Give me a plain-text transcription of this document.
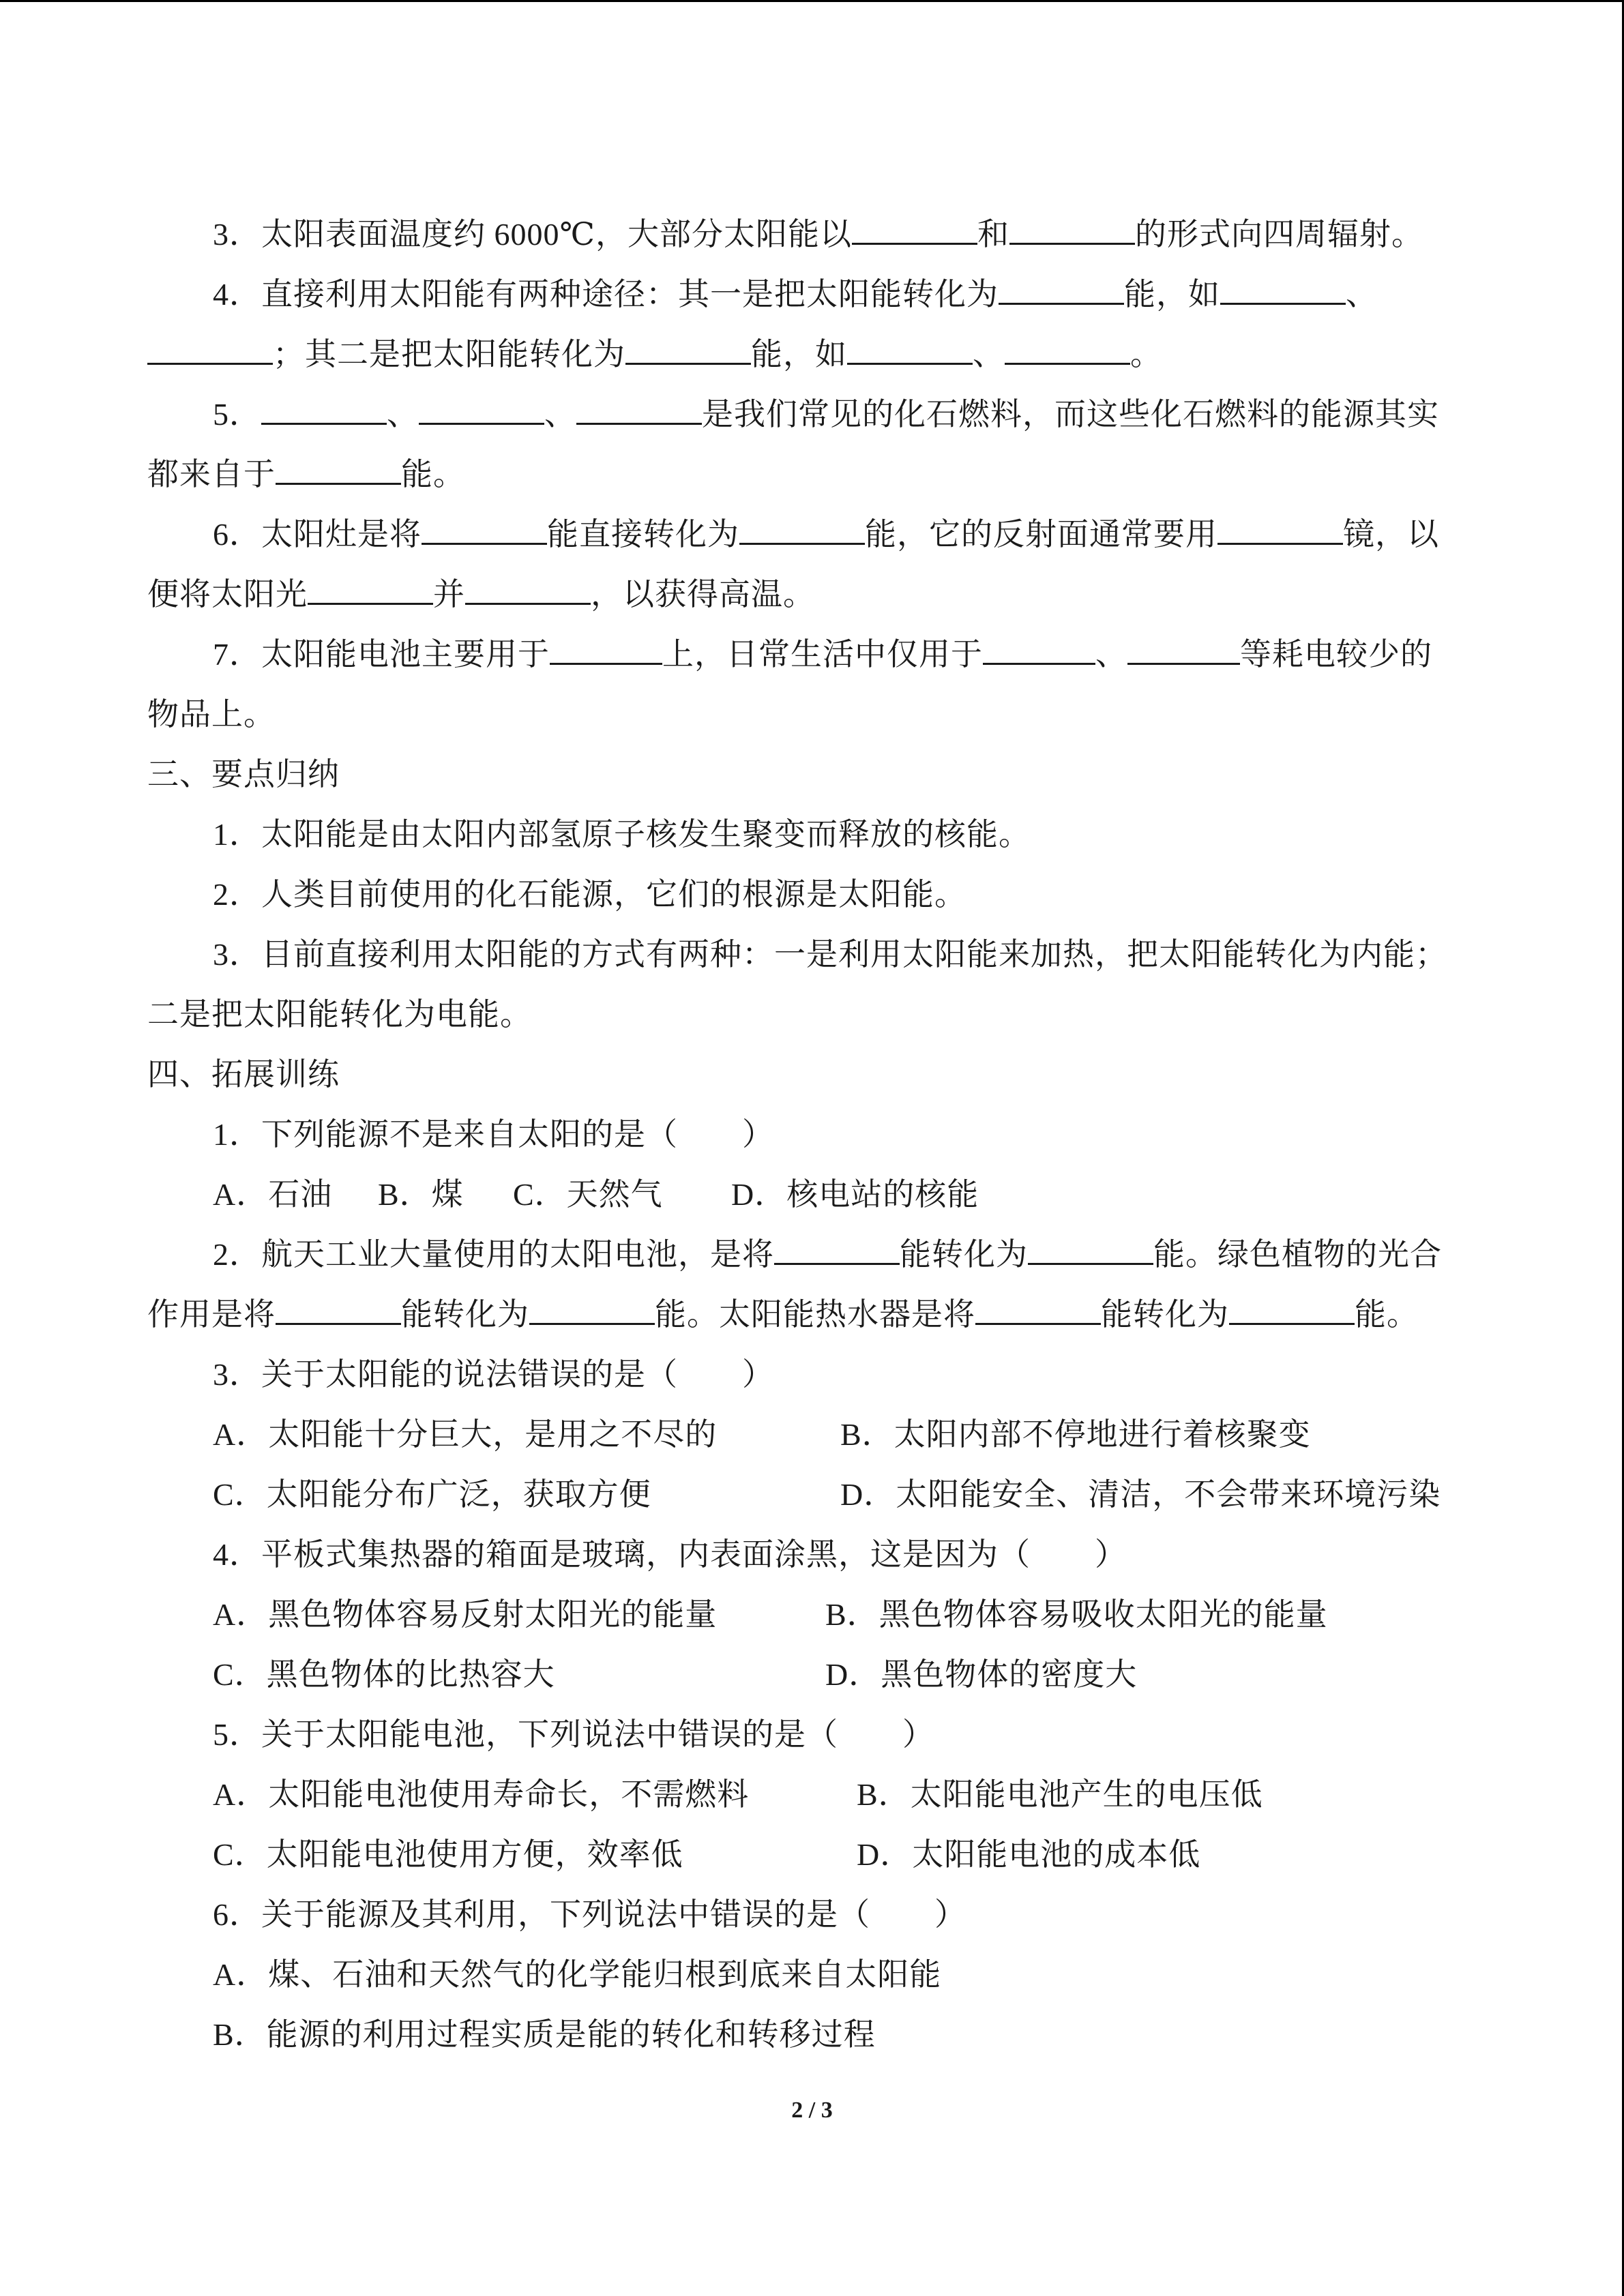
3．太阳表面温度约 6000℃，大部分太阳能以	和	的形式向四周辐射。
4．直接利用太阳能有两种途径：其一是把太阳能转化为	能，如	、
；其二是把太阳能转化为	能，如	、	。
5．	、	、	是我们常见的化石燃料，而这些化石燃料的能源其实
都来自于	能。
6．太阳灶是将	能直接转化为	能，它的反射面通常要用	镜，以
便将太阳光	并	，以获得高温。
7．太阳能电池主要用于	上，日常生活中仅用于	、	等耗电较少的
物品上。
三、要点归纳
1．太阳能是由太阳内部氢原子核发生聚变而释放的核能。
2．人类目前使用的化石能源，它们的根源是太阳能。
3．目前直接利用太阳能的方式有两种：一是利用太阳能来加热，把太阳能转化为内能；
二是把太阳能转化为电能。
四、拓展训练
1．下列能源不是来自太阳的是（　　）
A．石油 B．煤 C．天然气 D．核电站的核能
2．航天工业大量使用的太阳电池，是将	能转化为	能。绿色植物的光合
作用是将	能转化为	能。太阳能热水器是将	能转化为	能。
3．关于太阳能的说法错误的是（　　）
A．太阳能十分巨大，是用之不尽的	B．太阳内部不停地进行着核聚变
C．太阳能分布广泛，获取方便	D．太阳能安全、清洁，不会带来环境污染
4．平板式集热器的箱面是玻璃，内表面涂黑，这是因为（　　）
A．黑色物体容易反射太阳光的能量	B．黑色物体容易吸收太阳光的能量
C．黑色物体的比热容大	D．黑色物体的密度大
5．关于太阳能电池，下列说法中错误的是（　　）
A．太阳能电池使用寿命长，不需燃料	B．太阳能电池产生的电压低
C．太阳能电池使用方便，效率低	D．太阳能电池的成本低
6．关于能源及其利用，下列说法中错误的是（　　）
A．煤、石油和天然气的化学能归根到底来自太阳能
B．能源的利用过程实质是能的转化和转移过程
2 / 3
